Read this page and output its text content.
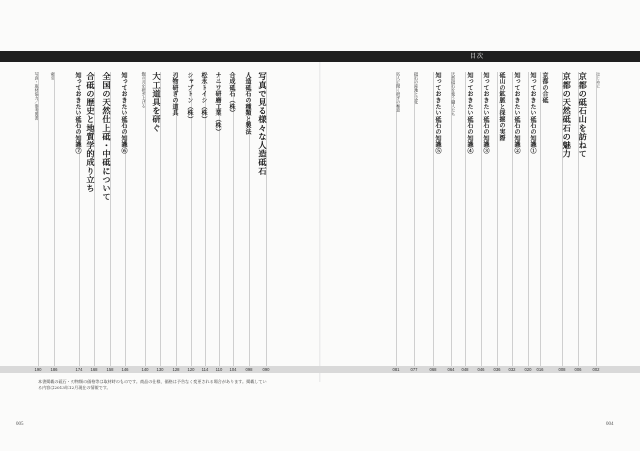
目次
はじめに
京都の砥石山を訪ねて
京都の天然砥石の魅力
京都の合砥
知っておきたい砥石の知識①
知っておきたい砥石の知識②
砥山の鉱脈と採掘の実際
知っておきたい砥石の知識③
知っておきたい砥石の知識④
天然砥石を使う職人たち
知っておきたい砥石の知識⑤
砥石の産地と文化
名人に聞く研ぎの極意
写真で見る様々な人造砥石
人造砥石の種類と製法
合成砥石（株）
ナニワ研磨工業（株）
松永トイシ（株）
シャプトン（株）
刃物研ぎの道具
大工道具を研ぐ
鉋の刃を研ぎ上げる
知っておきたい砥石の知識⑥
全国の天然仕上砥・中砥について
合砥の歴史と地質学的成り立ち
知っておきたい砥石の知識⑦
索引
写真・取材協力／参考図書
本書掲載の砥石・刃物類の価格等は取材時のものです。商品の仕様、価格は予告なく変更される場合があります。掲載している内容は2013年12月現在の情報です。
005	004
002
006
008
016
020
032
036
046
048
064
068
077
081
090
098
104
110
114
120
128
130
140
146
158
168
174
186
190
